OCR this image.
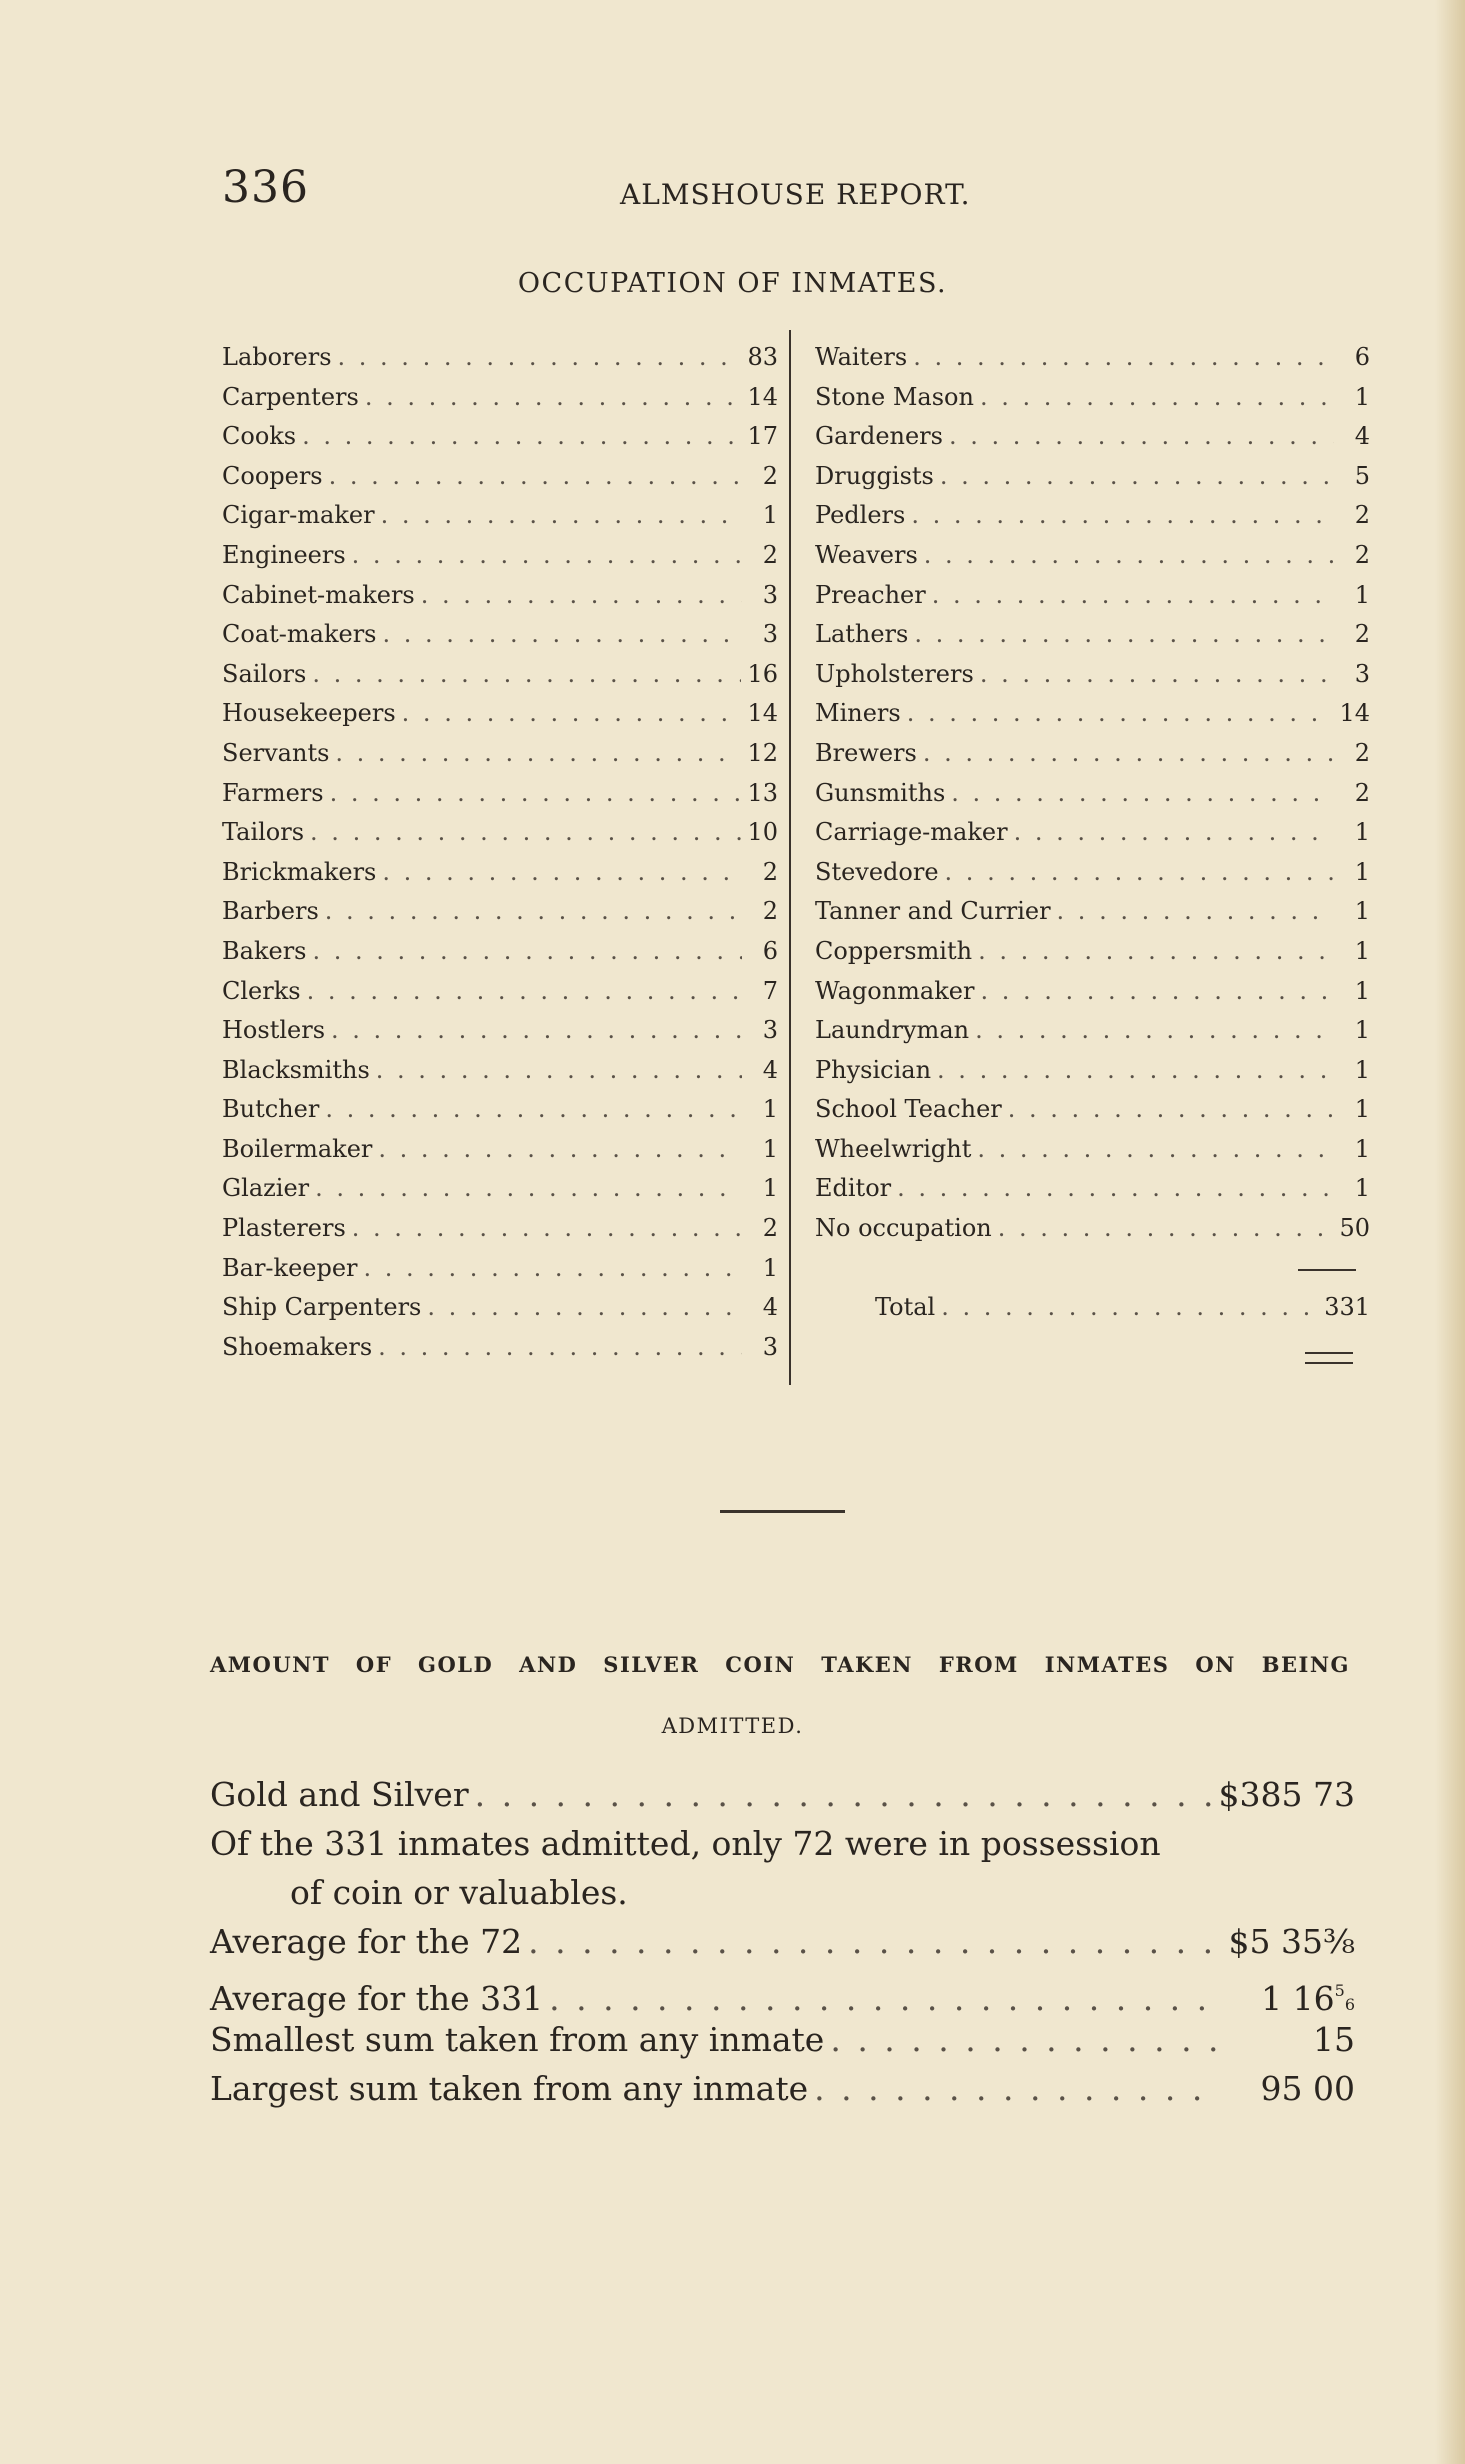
336	ALMSHOUSE REPORT.
OCCUPATION OF INMATES.
Laborers . . .	83
Carpenters . . .	14
Cooks . . .	17
Coopers . . .	2
Cigar-maker . . .	1
Engineers . . .	2
Cabinet-makers . . .	3
Coat-makers . . .	3
Sailors . . .	16
Housekeepers . . .	14
Servants . . .	12
Farmers . . .	13
Tailors . . .	10
Brickmakers . . .	2
Barbers . . .	2
Bakers . . .	6
Clerks . . .	7
Hostlers . . .	3
Blacksmiths . . .	4
Butcher . . .	1
Boilermaker . . .	1
Glazier . . .	1
Plasterers . . .	2
Bar-keeper . . .	1
Ship Carpenters . . .	4
Shoemakers . . .	3
Waiters . . .	6
Stone Mason . . .	1
Gardeners . . .	4
Druggists . . .	5
Pedlers . . .	2
Weavers . . .	2
Preacher . . .	1
Lathers . . .	2
Upholsterers . . .	3
Miners . . .	14
Brewers . . .	2
Gunsmiths . . .	2
Carriage-maker . . .	1
Stevedore . . .	1
Tanner and Currier . . .	1
Coppersmith . . .	1
Wagonmaker . . .	1
Laundryman . . .	1
Physician . . .	1
School Teacher . . .	1
Wheelwright . . .	1
Editor . . .	1
No occupation . . .	50
Total . . .	331
AMOUNT OF GOLD AND SILVER COIN TAKEN FROM INMATES ON BEING
ADMITTED.
Gold and Silver . . .	$385 73
Of the 331 inmates admitted, only 72 were in possession
of coin or valuables.
Average for the 72 . . .	$5 35⅜
Average for the 331 . . .	1 $16^56$
Smallest sum taken from any inmate . . .	15
Largest sum taken from any inmate . . .	95 00
